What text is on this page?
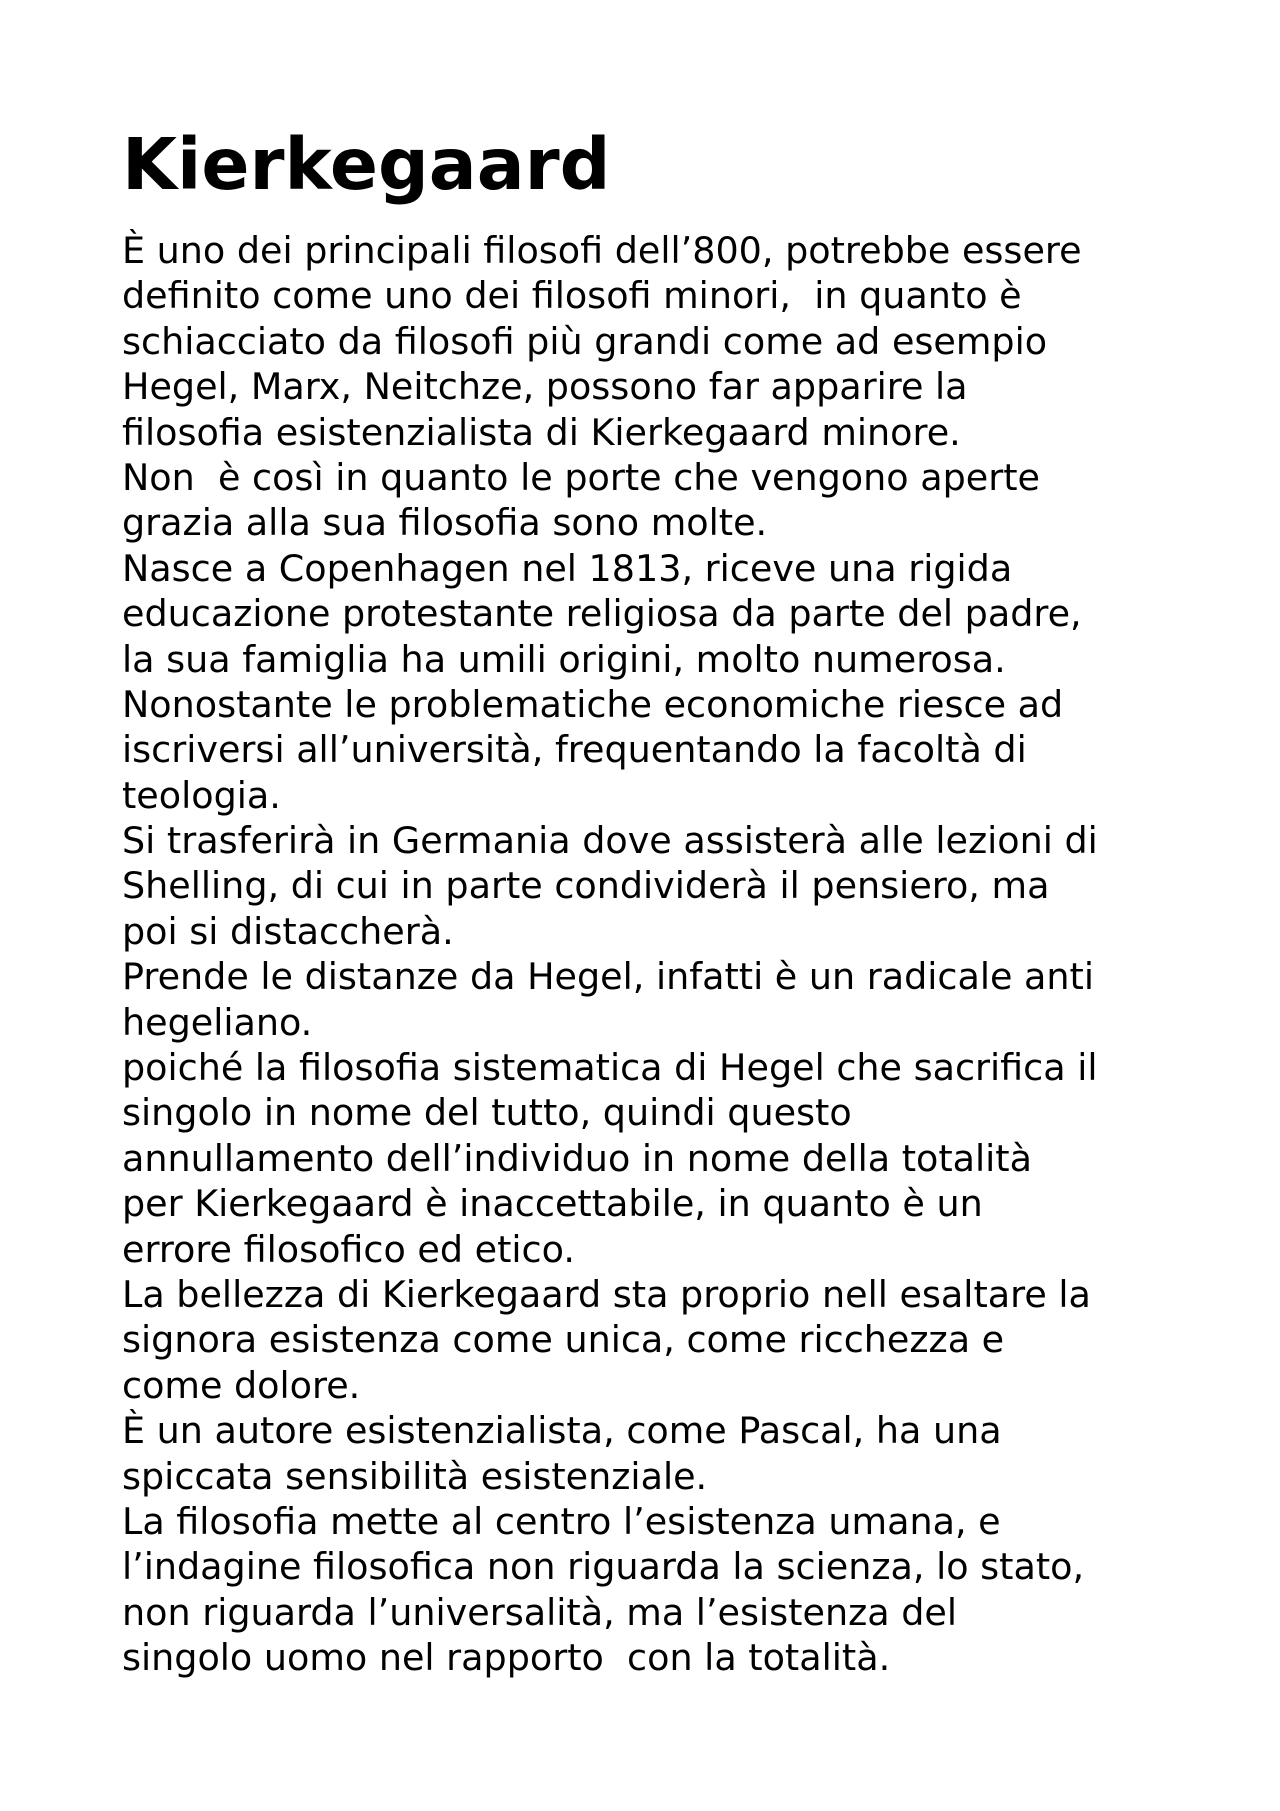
Kierkegaard
È uno dei principali filosofi dell’800, potrebbe essere
definito come uno dei filosofi minori,  in quanto è
schiacciato da filosofi più grandi come ad esempio
Hegel, Marx, Neitchze, possono far apparire la
filosofia esistenzialista di Kierkegaard minore.
Non  è così in quanto le porte che vengono aperte
grazia alla sua filosofia sono molte.
Nasce a Copenhagen nel 1813, riceve una rigida
educazione protestante religiosa da parte del padre,
la sua famiglia ha umili origini, molto numerosa.
Nonostante le problematiche economiche riesce ad
iscriversi all’università, frequentando la facoltà di
teologia.
Si trasferirà in Germania dove assisterà alle lezioni di
Shelling, di cui in parte condividerà il pensiero, ma
poi si distaccherà.
Prende le distanze da Hegel, infatti è un radicale anti
hegeliano.
poiché la filosofia sistematica di Hegel che sacrifica il
singolo in nome del tutto, quindi questo
annullamento dell’individuo in nome della totalità
per Kierkegaard è inaccettabile, in quanto è un
errore filosofico ed etico.
La bellezza di Kierkegaard sta proprio nell esaltare la
signora esistenza come unica, come ricchezza e
come dolore.
È un autore esistenzialista, come Pascal, ha una
spiccata sensibilità esistenziale.
La filosofia mette al centro l’esistenza umana, e
l’indagine filosofica non riguarda la scienza, lo stato,
non riguarda l’universalità, ma l’esistenza del
singolo uomo nel rapporto  con la totalità.
